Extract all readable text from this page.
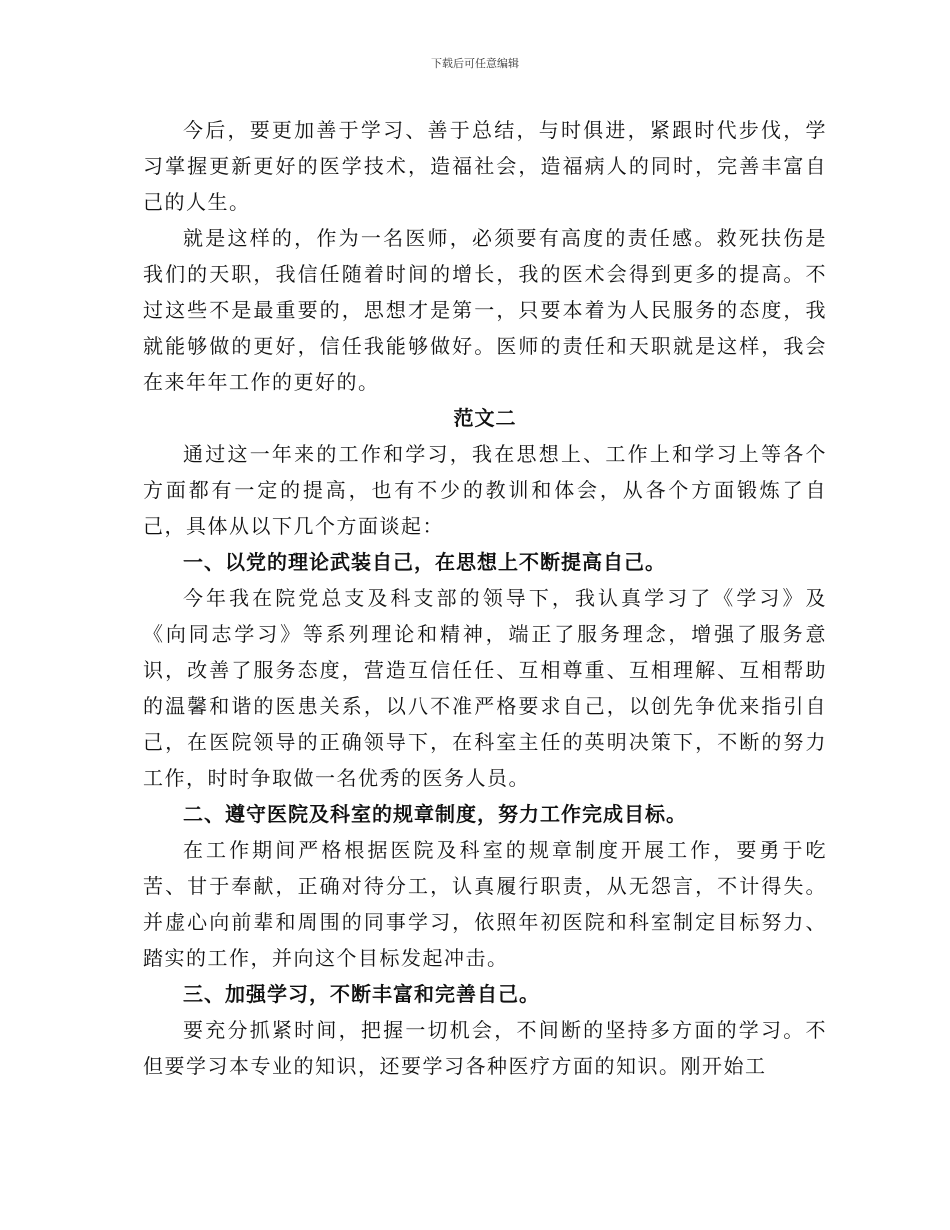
下载后可任意编辑

今后，要更加善于学习、善于总结，与时俱进，紧跟时代步伐，学习掌握更新更好的医学技术，造福社会，造福病人的同时，完善丰富自己的人生。

就是这样的，作为一名医师，必须要有高度的责任感。救死扶伤是我们的天职，我信任随着时间的增长，我的医术会得到更多的提高。不过这些不是最重要的，思想才是第一，只要本着为人民服务的态度，我就能够做的更好，信任我能够做好。医师的责任和天职就是这样，我会在来年年工作的更好的。

范文二

通过这一年来的工作和学习，我在思想上、工作上和学习上等各个方面都有一定的提高，也有不少的教训和体会，从各个方面锻炼了自己，具体从以下几个方面谈起：

一、以党的理论武装自己，在思想上不断提高自己。

今年我在院党总支及科支部的领导下，我认真学习了《学习》及《向同志学习》等系列理论和精神，端正了服务理念，增强了服务意识，改善了服务态度，营造互信任任、互相尊重、互相理解、互相帮助的温馨和谐的医患关系，以八不准严格要求自己，以创先争优来指引自己，在医院领导的正确领导下，在科室主任的英明决策下，不断的努力工作，时时争取做一名优秀的医务人员。

二、遵守医院及科室的规章制度，努力工作完成目标。

在工作期间严格根据医院及科室的规章制度开展工作，要勇于吃苦、甘于奉献，正确对待分工，认真履行职责，从无怨言，不计得失。并虚心向前辈和周围的同事学习，依照年初医院和科室制定目标努力、踏实的工作，并向这个目标发起冲击。

三、加强学习，不断丰富和完善自己。

要充分抓紧时间，把握一切机会，不间断的坚持多方面的学习。不但要学习本专业的知识，还要学习各种医疗方面的知识。刚开始工
